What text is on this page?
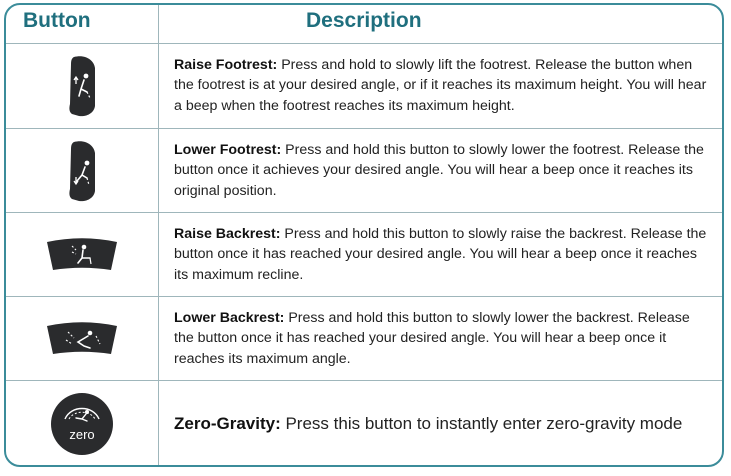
Button	Description

Raise Footrest: Press and hold to slowly lift the footrest. Release the button when the footrest is at your desired angle, or if it reaches its maximum height. You will hear a beep when the footrest reaches its maximum height.

Lower Footrest: Press and hold this button to slowly lower the footrest. Release the button once it achieves your desired angle. You will hear a beep once it reaches its original position.

Raise Backrest: Press and hold this button to slowly raise the backrest. Release the button once it has reached your desired angle. You will hear a beep once it reaches its maximum recline.

Lower Backrest: Press and hold this button to slowly lower the backrest. Release the button once it has reached your desired angle. You will hear a beep once it reaches its maximum angle.

zero

Zero-Gravity: Press this button to instantly enter zero-gravity mode
